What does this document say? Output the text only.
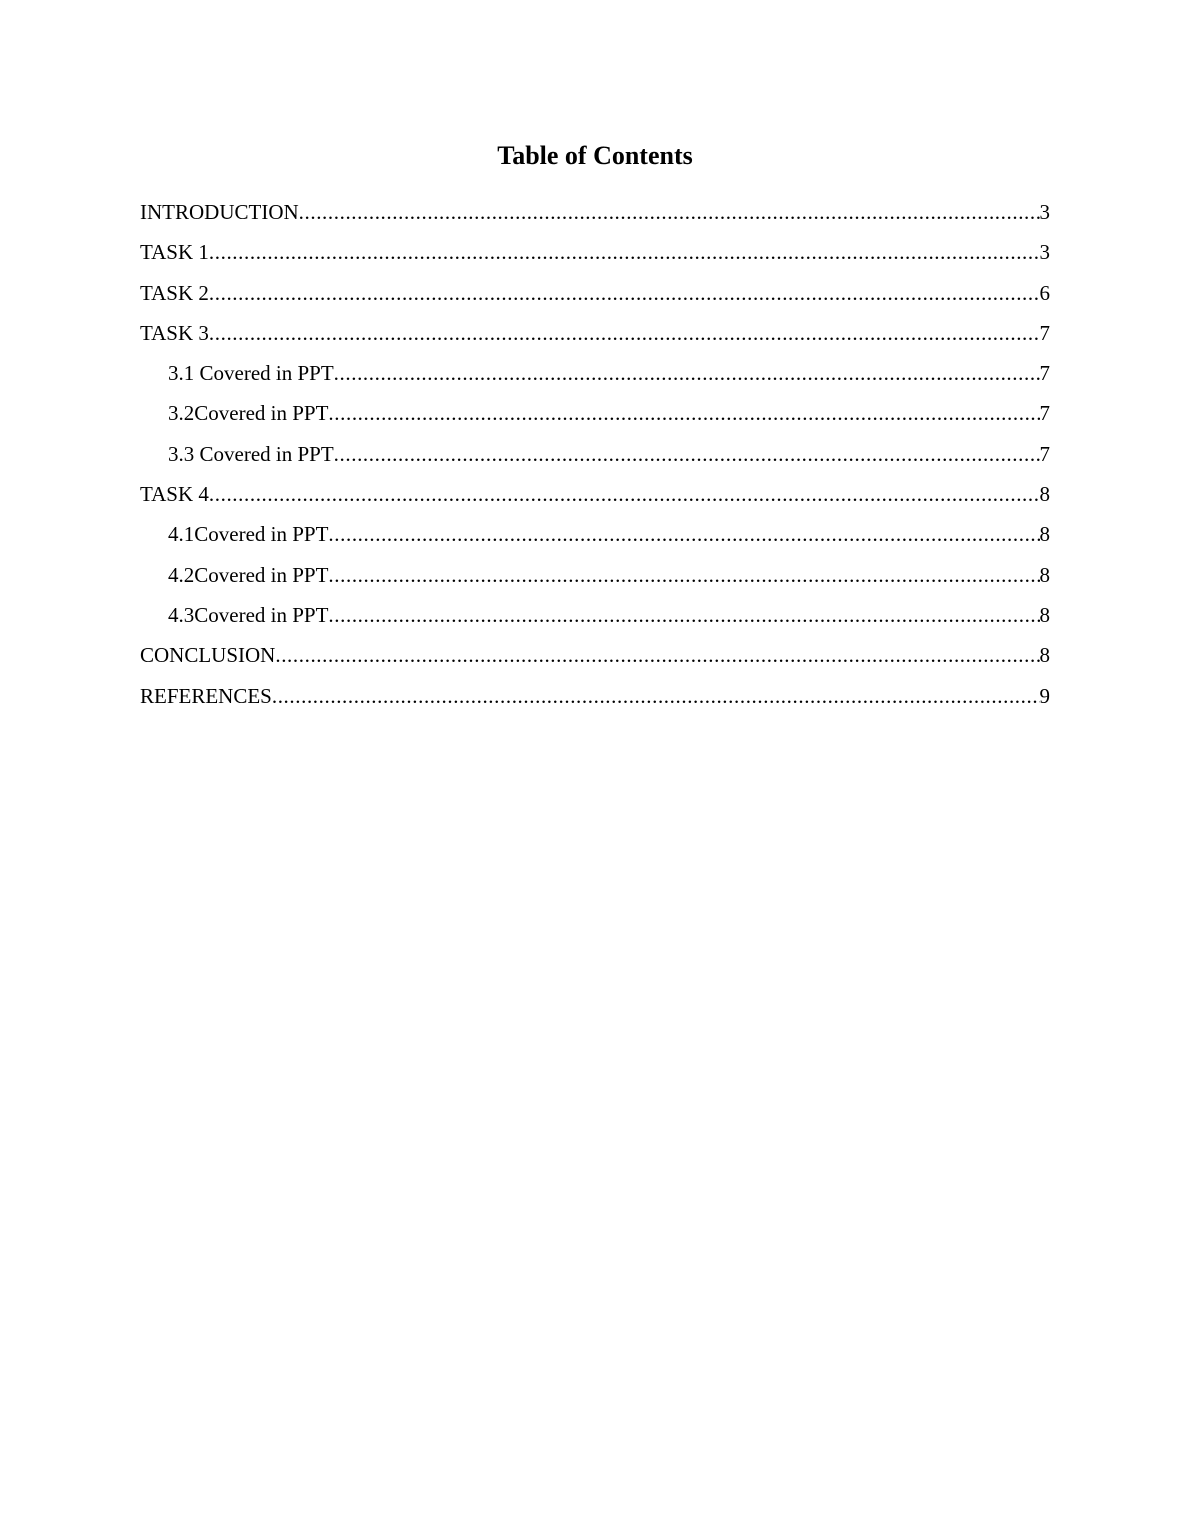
Table of Contents
INTRODUCTION .....	3
TASK 1 .....	3
TASK 2 .....	6
TASK 3 .....	7
3.1 Covered in PPT .....	7
3.2Covered in PPT .....	7
3.3 Covered in PPT .....	7
TASK 4 .....	8
4.1Covered in PPT .....	8
4.2Covered in PPT .....	8
4.3Covered in PPT .....	8
CONCLUSION .....	8
REFERENCES .....	9
